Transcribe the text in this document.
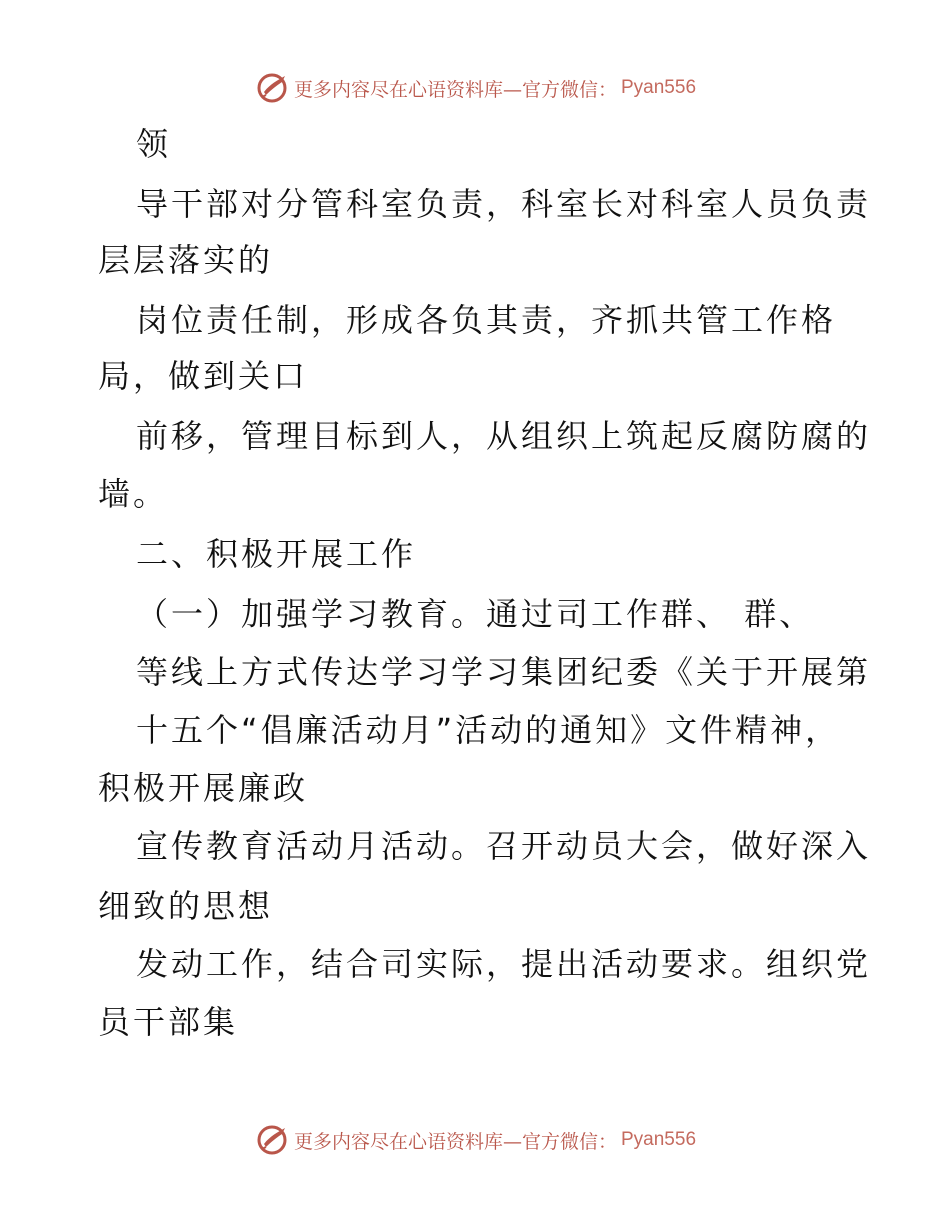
更多内容尽在心语资料库—官方微信： Pyan556
领
导干部对分管科室负责，科室长对科室人员负责
层层落实的
岗位责任制，形成各负其责，齐抓共管工作格
局，做到关口
前移，管理目标到人，从组织上筑起反腐防腐的
墙。
二、积极开展工作
（一）加强学习教育。通过司工作群、 群、
等线上方式传达学习学习集团纪委《关于开展第
十五个“倡廉活动月”活动的通知》文件精神，
积极开展廉政
宣传教育活动月活动。召开动员大会，做好深入
细致的思想
发动工作，结合司实际，提出活动要求。组织党
员干部集
更多内容尽在心语资料库—官方微信： Pyan556
